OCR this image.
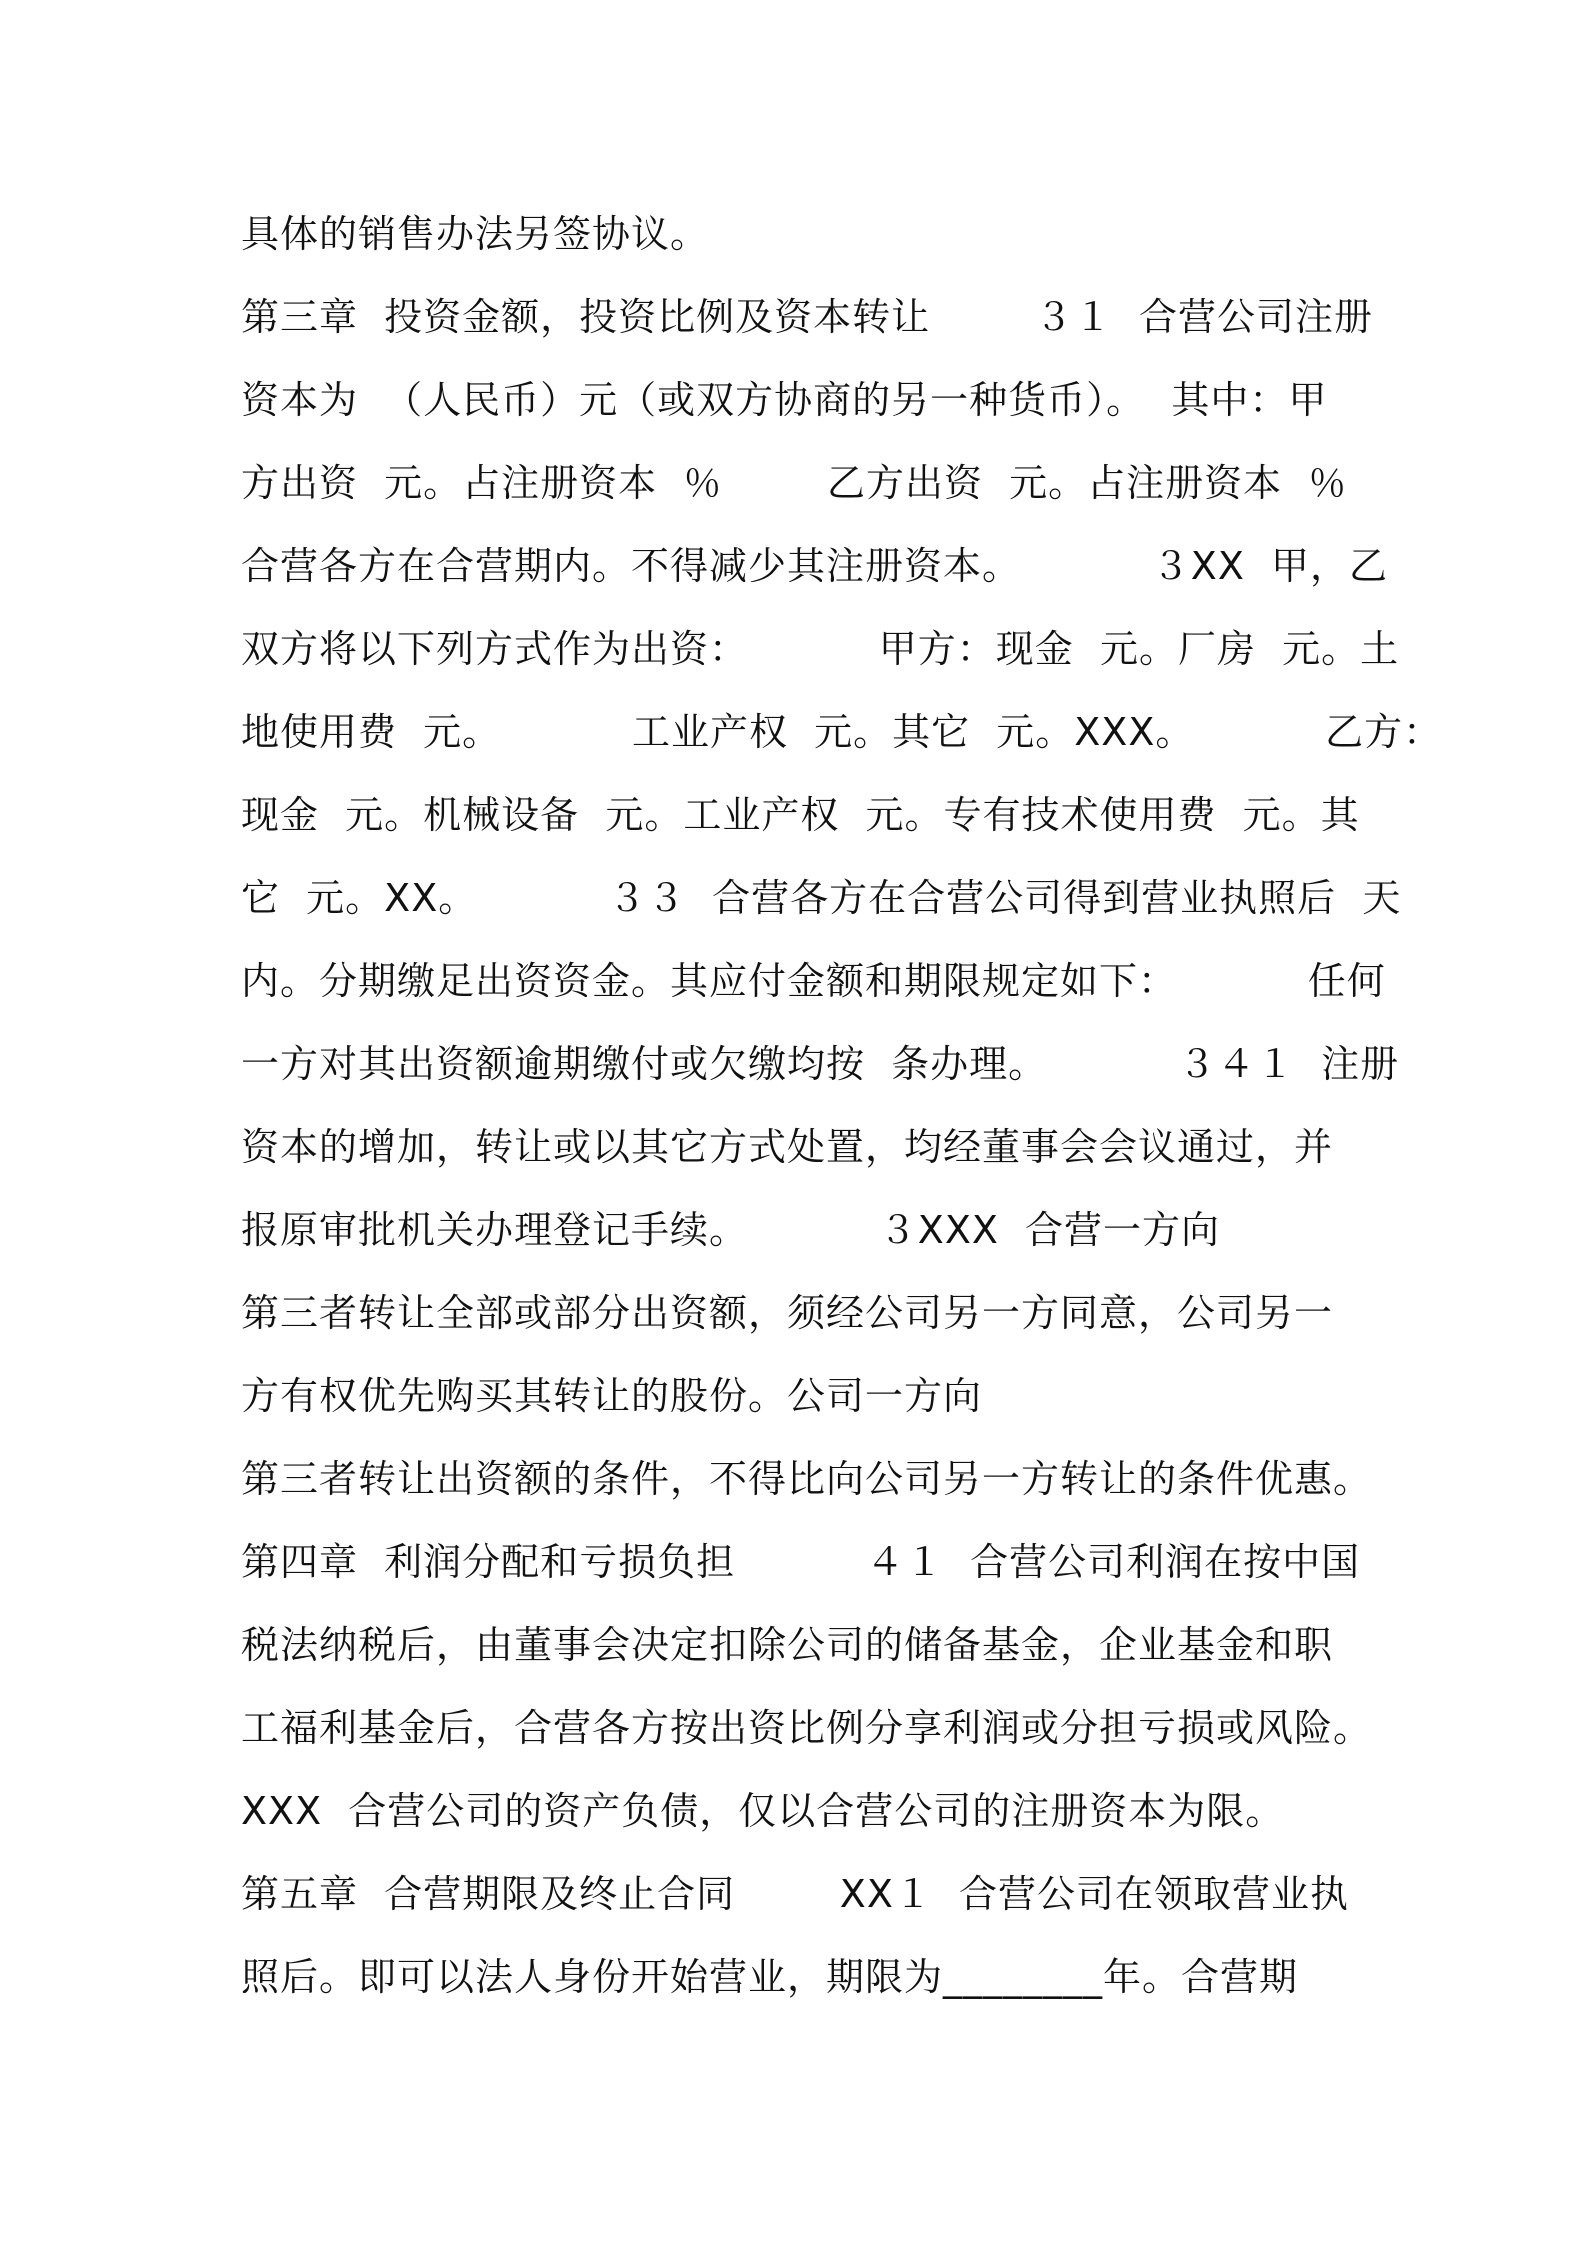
具体的销售办法另签协议。
第三章  投资金额，投资比例及资本转让        ３１  合营公司注册
资本为  （人民币）元（或双方协商的另一种货币）。  其中：甲
方出资  元。占注册资本  ％        乙方出资  元。占注册资本  ％
合营各方在合营期内。不得减少其注册资本。          ３XX  甲，乙
双方将以下列方式作为出资：          甲方：现金  元。厂房  元。土
地使用费  元。          工业产权  元。其它  元。XXX。          乙方：
现金  元。机械设备  元。工业产权  元。专有技术使用费  元。其
它  元。XX。          ３３  合营各方在合营公司得到营业执照后  天
内。分期缴足出资资金。其应付金额和期限规定如下：          任何
一方对其出资额逾期缴付或欠缴均按  条办理。          ３４１  注册
资本的增加，转让或以其它方式处置，均经董事会会议通过，并
报原审批机关办理登记手续。          ３XXX  合营一方向
第三者转让全部或部分出资额，须经公司另一方同意，公司另一
方有权优先购买其转让的股份。公司一方向
第三者转让出资额的条件，不得比向公司另一方转让的条件优惠。
第四章  利润分配和亏损负担          ４１  合营公司利润在按中国
税法纳税后，由董事会决定扣除公司的储备基金，企业基金和职
工福利基金后，合营各方按出资比例分享利润或分担亏损或风险。
XXX  合营公司的资产负债，仅以合营公司的注册资本为限。
第五章  合营期限及终止合同        XX１  合营公司在领取营业执
照后。即可以法人身份开始营业，期限为________年。合营期
